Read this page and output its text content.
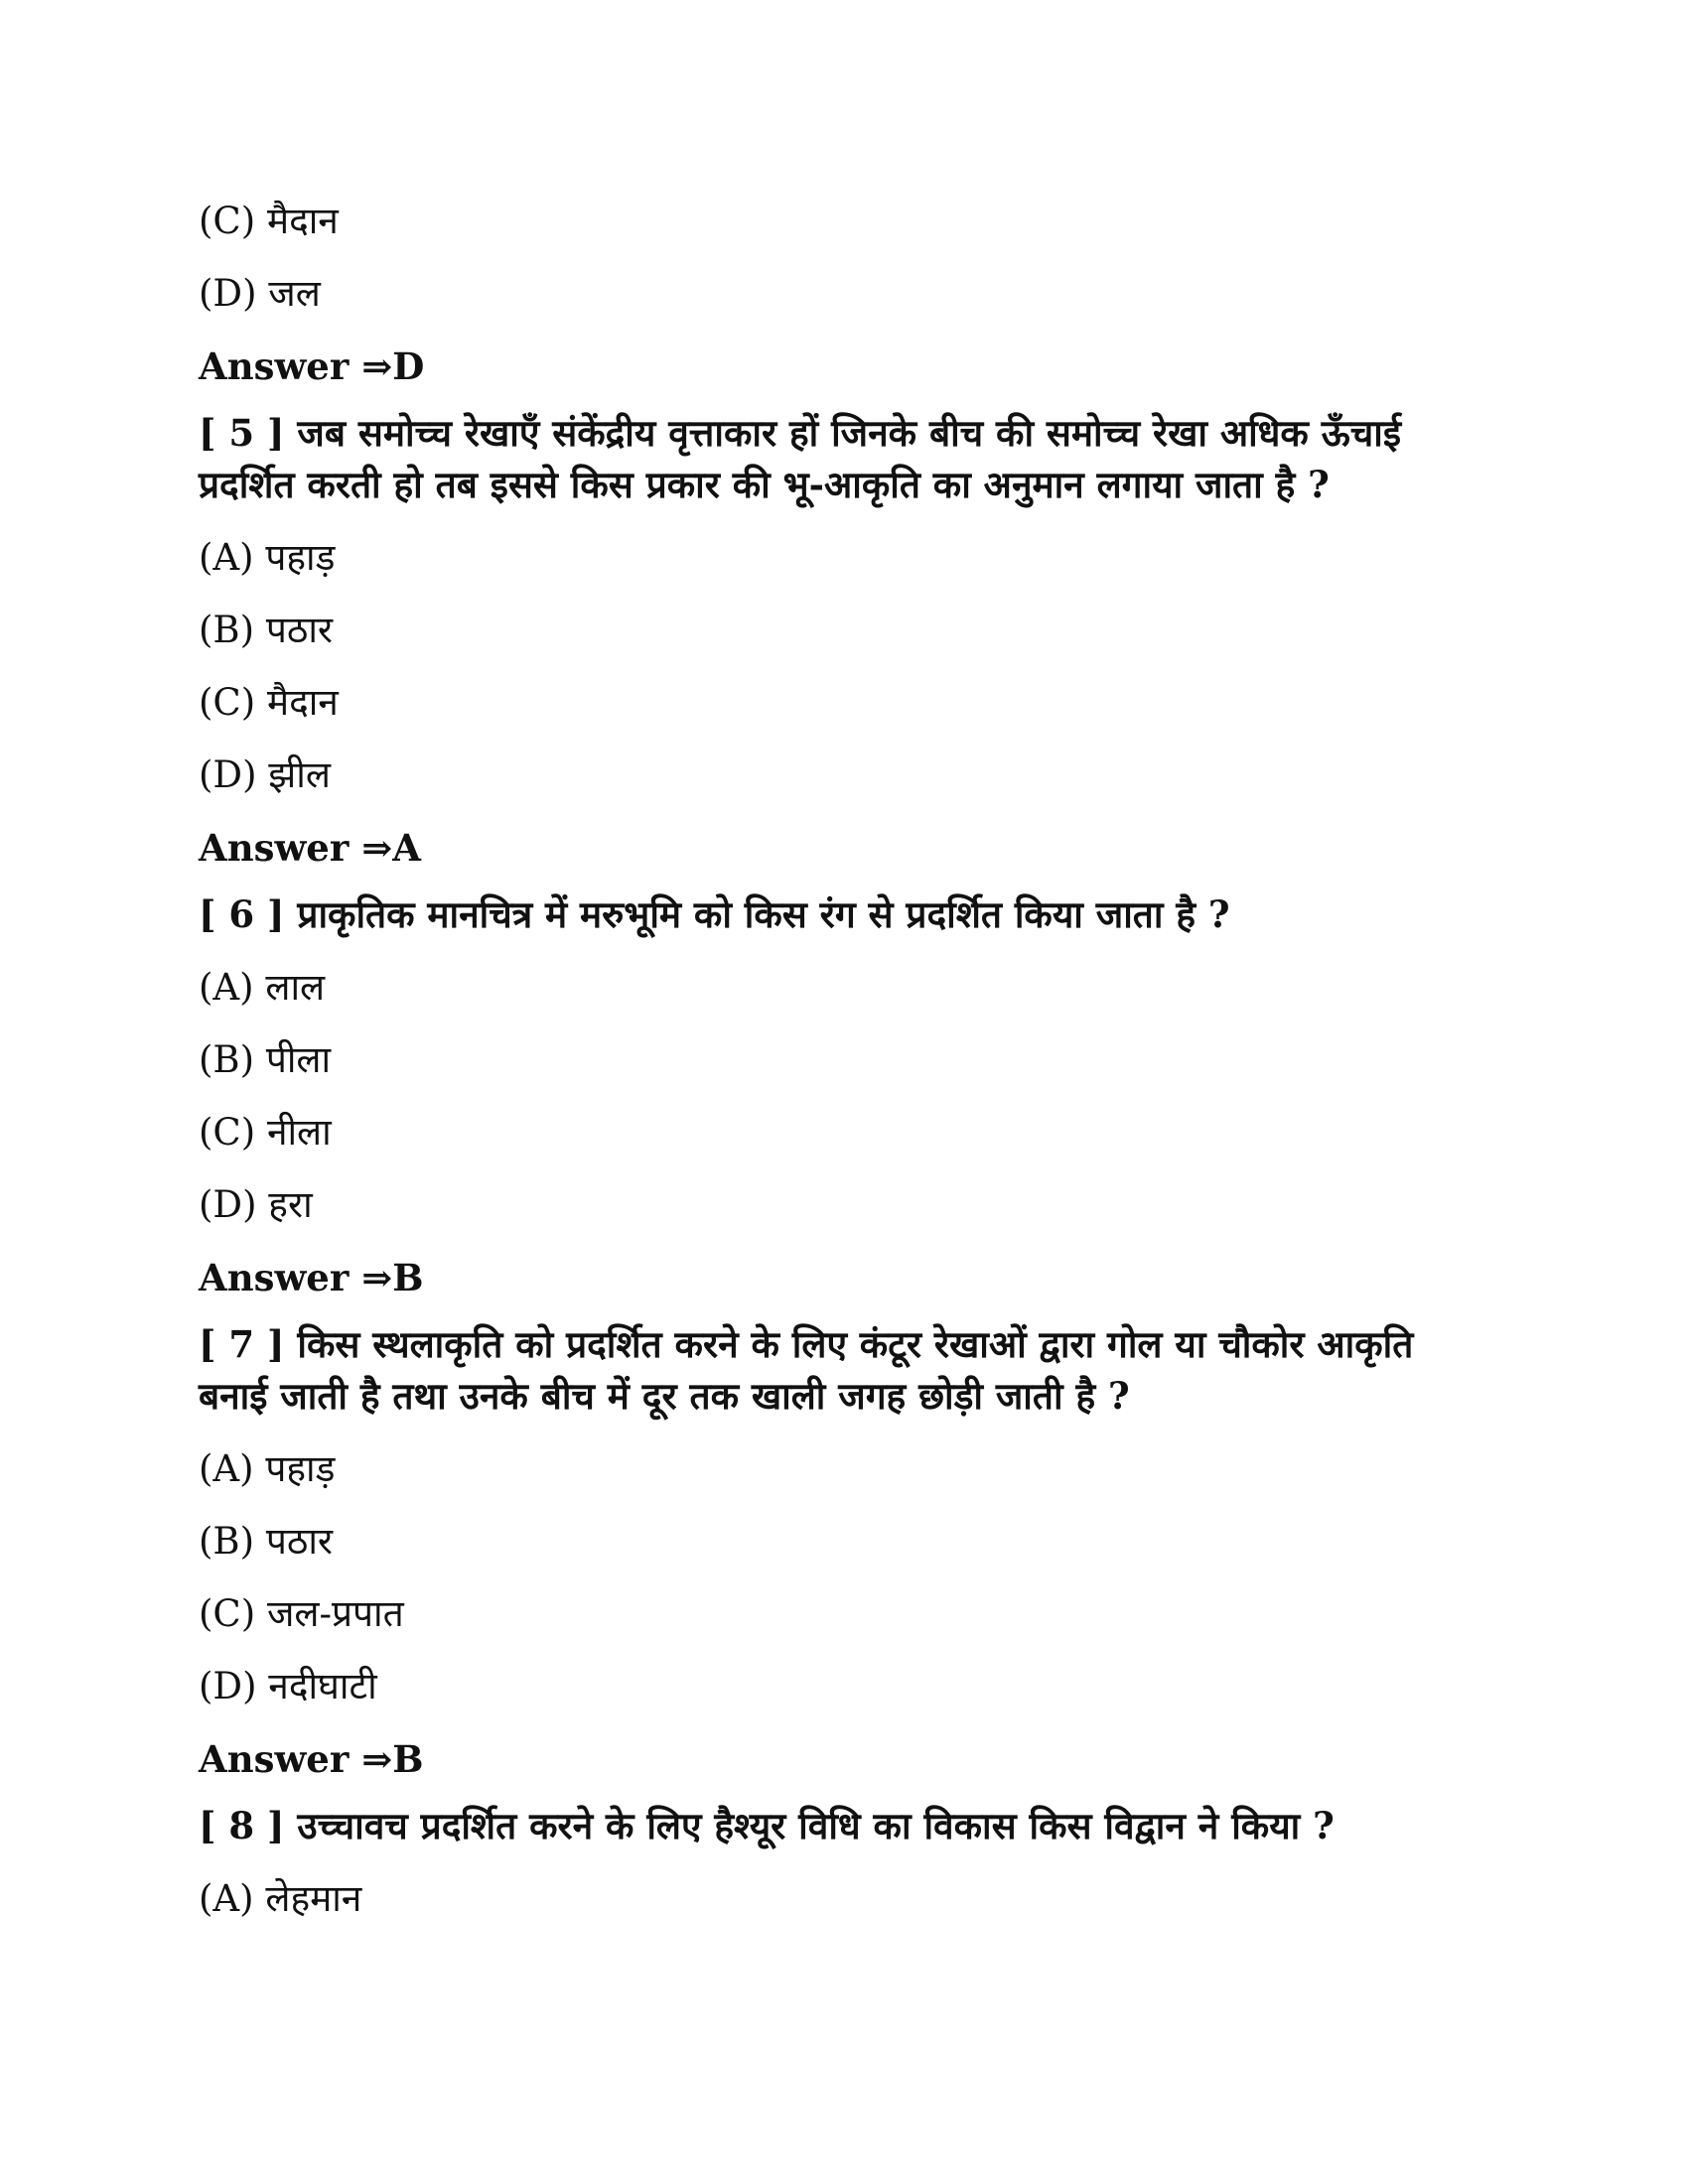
(C) मैदान
(D) जल
Answer ⇒D
[ 5 ] जब समोच्च रेखाएँ संकेंद्रीय वृत्ताकार हों जिनके बीच की समोच्च रेखा अधिक ऊँचाई
प्रदर्शित करती हो तब इससे किस प्रकार की भू-आकृति का अनुमान लगाया जाता है ?
(A) पहाड़
(B) पठार
(C) मैदान
(D) झील
Answer ⇒A
[ 6 ] प्राकृतिक मानचित्र में मरुभूमि को किस रंग से प्रदर्शित किया जाता है ?
(A) लाल
(B) पीला
(C) नीला
(D) हरा
Answer ⇒B
[ 7 ] किस स्थलाकृति को प्रदर्शित करने के लिए कंटूर रेखाओं द्वारा गोल या चौकोर आकृति
बनाई जाती है तथा उनके बीच में दूर तक खाली जगह छोड़ी जाती है ?
(A) पहाड़
(B) पठार
(C) जल-प्रपात
(D) नदीघाटी
Answer ⇒B
[ 8 ] उच्चावच प्रदर्शित करने के लिए हैश्यूर विधि का विकास किस विद्वान ने किया ?
(A) लेहमान
